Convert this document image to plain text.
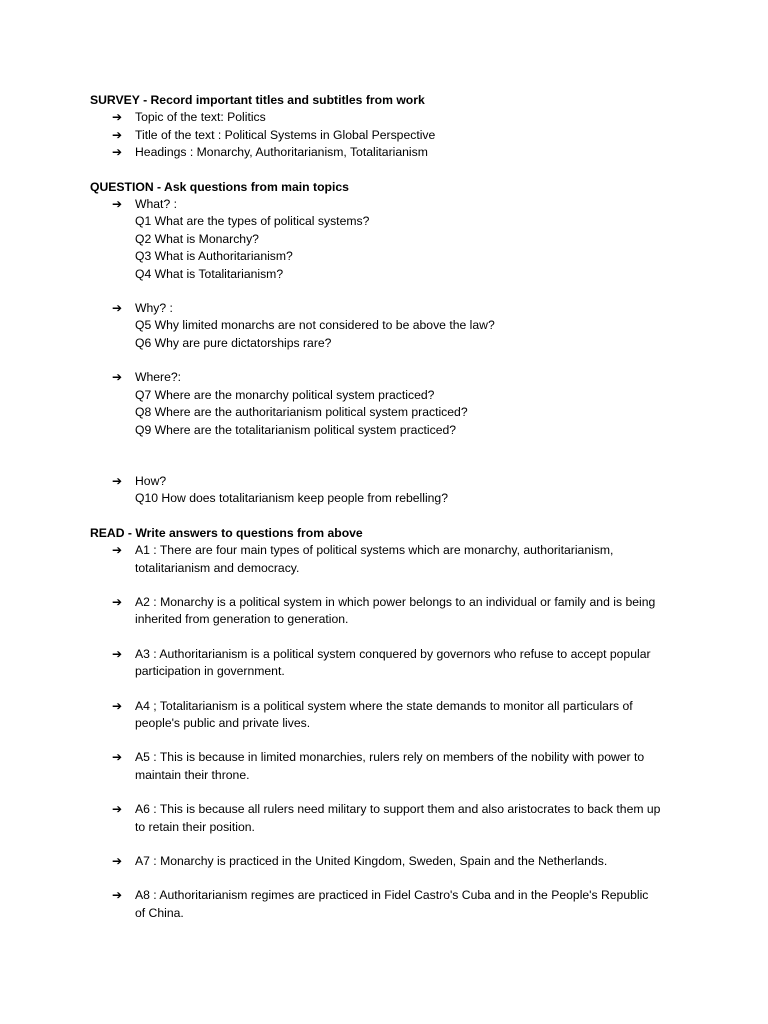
SURVEY - Record important titles and subtitles from work

➔ Topic of the text: Politics
➔ Title of the text : Political Systems in Global Perspective
➔ Headings : Monarchy, Authoritarianism, Totalitarianism

QUESTION - Ask questions from main topics

➔ What? :
Q1 What are the types of political systems?
Q2 What is Monarchy?
Q3 What is Authoritarianism?
Q4 What is Totalitarianism?
➔ Why? :
Q5 Why limited monarchs are not considered to be above the law?
Q6 Why are pure dictatorships rare?
➔ Where?:
Q7 Where are the monarchy political system practiced?
Q8 Where are the authoritarianism political system practiced?
Q9 Where are the totalitarianism political system practiced?
➔ How?
Q10 How does totalitarianism keep people from rebelling?

READ - Write answers to questions from above

➔ A1 : There are four main types of political systems which are monarchy, authoritarianism,
totalitarianism and democracy.
➔ A2 : Monarchy is a political system in which power belongs to an individual or family and is being
inherited from generation to generation.
➔ A3 : Authoritarianism is a political system conquered by governors who refuse to accept popular
participation in government.
➔ A4 ; Totalitarianism is a political system where the state demands to monitor all particulars of
people's public and private lives.
➔ A5 : This is because in limited monarchies, rulers rely on members of the nobility with power to
maintain their throne.
➔ A6 : This is because all rulers need military to support them and also aristocrates to back them up
to retain their position.
➔ A7 : Monarchy is practiced in the United Kingdom, Sweden, Spain and the Netherlands.
➔ A8 : Authoritarianism regimes are practiced in Fidel Castro's Cuba and in the People's Republic
of China.
